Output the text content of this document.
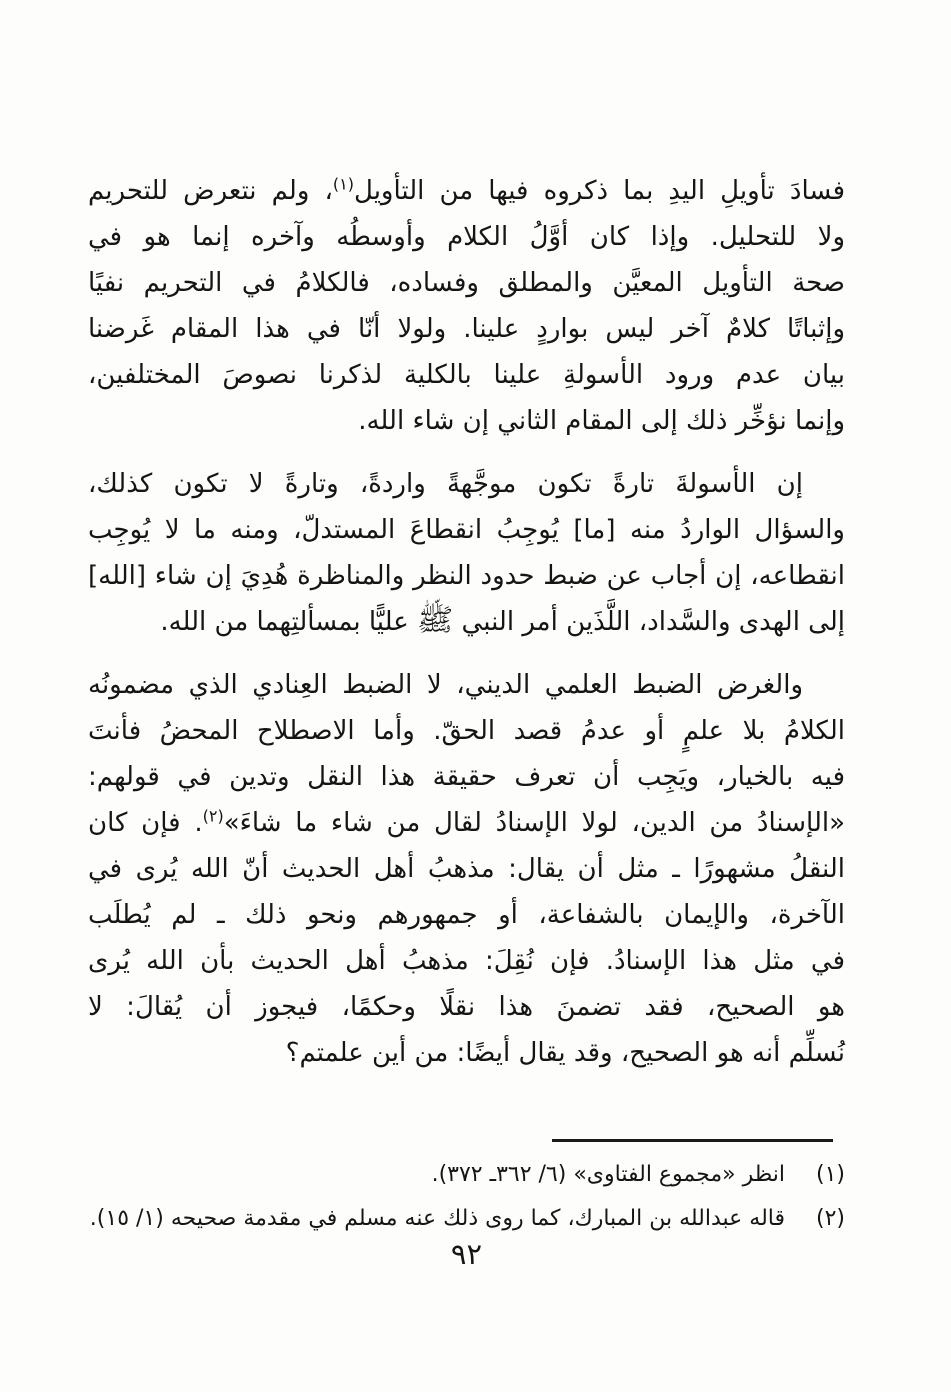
فسادَ تأويلِ اليدِ بما ذكروه فيها من التأويل$^{(١)}$، ولم نتعرض للتحريم
ولا للتحليل. وإذا كان أوَّلُ الكلام وأوسطُه وآخره إنما هو في
صحة التأويل المعيَّن والمطلق وفساده، فالكلامُ في التحريم نفيًا
وإثباتًا كلامٌ آخر ليس بواردٍ علينا. ولولا أنّا في هذا المقام غَرضنا
بيان عدم ورود الأسولةِ علينا بالكلية لذكرنا نصوصَ المختلفين،
وإنما نؤخِّر ذلك إلى المقام الثاني إن شاء الله.
إن الأسولةَ تارةً تكون موجَّهةً واردةً، وتارةً لا تكون كذلك،
والسؤال الواردُ منه [ما] يُوجِبُ انقطاعَ المستدلّ، ومنه ما لا يُوجِب
انقطاعه، إن أجاب عن ضبط حدود النظر والمناظرة هُدِيَ إن شاء [الله]
إلى الهدى والسَّداد، اللَّذَين أمر النبي ﷺ عليًّا بمسألتِهما من الله.
والغرض الضبط العلمي الديني، لا الضبط العِنادي الذي مضمونُه
الكلامُ بلا علمٍ أو عدمُ قصد الحقّ. وأما الاصطلاح المحضُ فأنتَ
فيه بالخيار، ويَجِب أن تعرف حقيقة هذا النقل وتدين في قولهم:
«الإسنادُ من الدين، لولا الإسنادُ لقال من شاء ما شاءَ»$^{(٢)}$. فإن كان
النقلُ مشهورًا ـ مثل أن يقال: مذهبُ أهل الحديث أنّ الله يُرى في
الآخرة، والإيمان بالشفاعة، أو جمهورهم ونحو ذلك ـ لم يُطلَب
في مثل هذا الإسنادُ. فإن نُقِلَ: مذهبُ أهل الحديث بأن الله يُرى
هو الصحيح، فقد تضمنَ هذا نقلًا وحكمًا، فيجوز أن يُقالَ: لا
نُسلِّم أنه هو الصحيح، وقد يقال أيضًا: من أين علمتم؟
(١)
انظر «مجموع الفتاوى» (٦/ ٣٦٢ـ ٣٧٢).
(٢)
قاله عبدالله بن المبارك، كما روى ذلك عنه مسلم في مقدمة صحيحه (١/ ١٥).
٩٢
